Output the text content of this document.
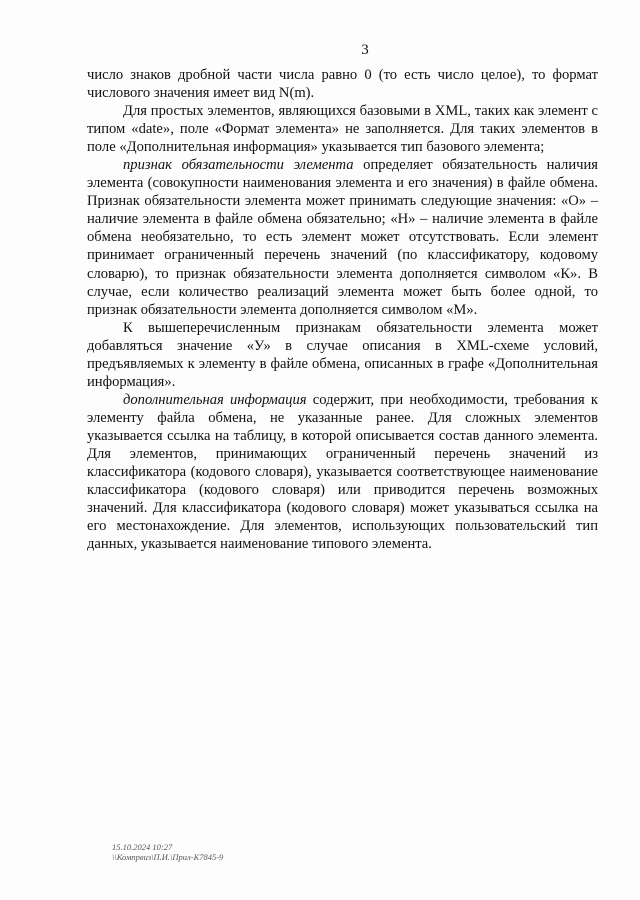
3

число знаков дробной части числа равно 0 (то есть число целое), то формат числового значения имеет вид N(m).

Для простых элементов, являющихся базовыми в XML, таких как элемент с типом «date», поле «Формат элемента» не заполняется. Для таких элементов в поле «Дополнительная информация» указывается тип базового элемента;

признак обязательности элемента определяет обязательность наличия элемента (совокупности наименования элемента и его значения) в файле обмена. Признак обязательности элемента может принимать следующие значения: «О» – наличие элемента в файле обмена обязательно; «Н» – наличие элемента в файле обмена необязательно, то есть элемент может отсутствовать. Если элемент принимает ограниченный перечень значений (по классификатору, кодовому словарю), то признак обязательности элемента дополняется символом «К». В случае, если количество реализаций элемента может быть более одной, то признак обязательности элемента дополняется символом «М».

К вышеперечисленным признакам обязательности элемента может добавляться значение «У» в случае описания в XML-схеме условий, предъявляемых к элементу в файле обмена, описанных в графе «Дополнительная информация».

дополнительная информация содержит, при необходимости, требования к элементу файла обмена, не указанные ранее. Для сложных элементов указывается ссылка на таблицу, в которой описывается состав данного элемента. Для элементов, принимающих ограниченный перечень значений из классификатора (кодового словаря), указывается соответствующее наименование классификатора (кодового словаря) или приводится перечень возможных значений. Для классификатора (кодового словаря) может указываться ссылка на его местонахождение. Для элементов, использующих пользовательский тип данных, указывается наименование типового элемента.

15.10.2024 10:27
\\Компрвиз\П.И.\Прил-К7845-9
